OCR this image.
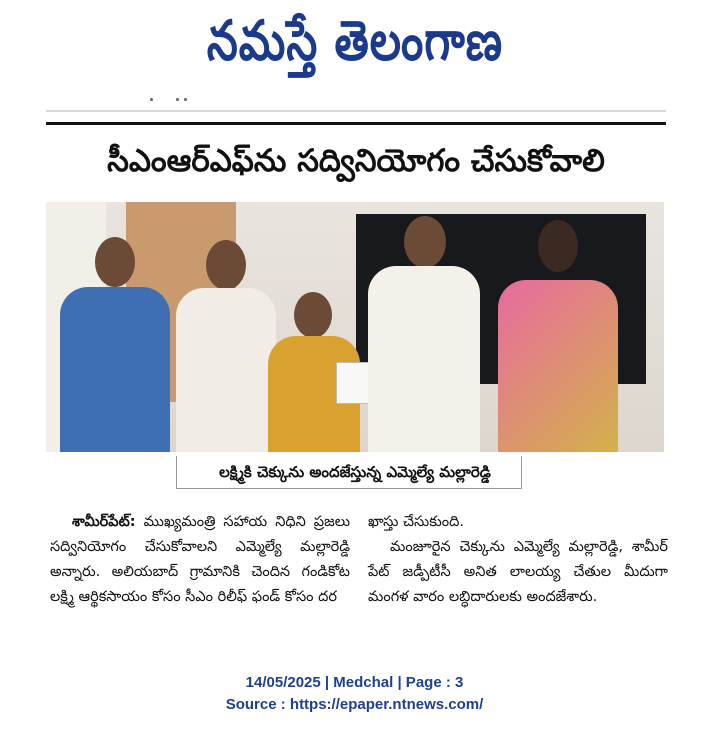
నమస్తే తెలంగాణ
సీఎంఆర్‌ఎఫ్‌ను సద్వినియోగం చేసుకోవాలి
లక్ష్మికి చెక్కును అందజేస్తున్న ఎమ్మెల్యే మల్లారెడ్డి

శామీర్‌పేట్: ముఖ్యమంత్రి సహాయ నిధిని ప్రజలు సద్వినియోగం చేసుకోవాలని ఎమ్మెల్యే మల్లారెడ్డి అన్నారు. అలియబాద్ గ్రామానికి చెందిన గండికోట లక్ష్మి ఆర్థికసాయం కోసం సీఎం రిలీఫ్ ఫండ్ కోసం దర

ఖాస్తు చేసుకుంది.

మంజూరైన చెక్కును ఎమ్మెల్యే మల్లారెడ్డి, శామీర్ పేట్ జడ్పీటీసీ అనిత లాలయ్య చేతుల మీదుగా మంగళ వారం లబ్ధిదారులకు అందజేశారు.

14/05/2025 | Medchal | Page : 3
Source : https://epaper.ntnews.com/
